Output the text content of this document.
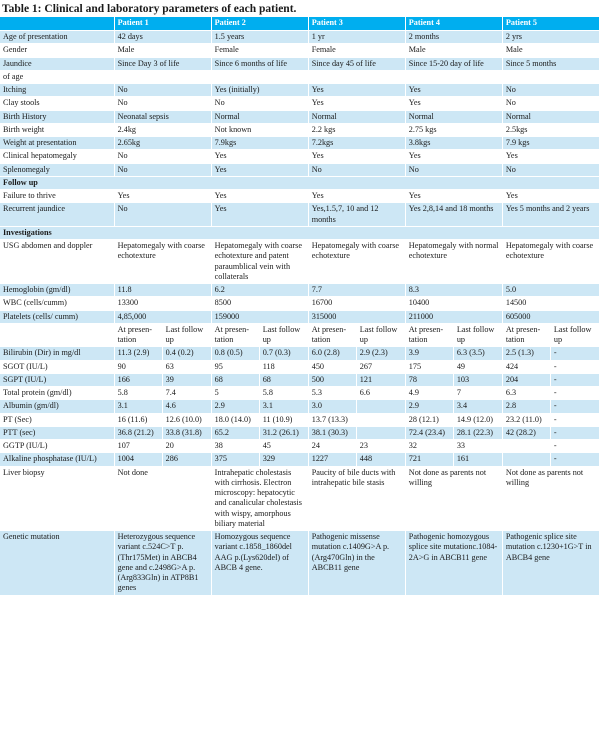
Table 1: Clinical and laboratory parameters of each patient.
	Patient 1		Patient 2		Patient 3		Patient 4		Patient 5	
Age of presentation	42 days		1.5 years		1 yr		2 months		2 yrs	
Gender	Male		Female		Female		Male		Male	
Jaundice	Since Day 3 of life		Since 6 months of life		Since day 45 of life		Since 15-20 day of life		Since 5 months	
of age										
Itching	No		Yes (initially)		Yes		Yes		No	
Clay stools	No		No		Yes		Yes		No	
Birth History	Neonatal sepsis		Normal		Normal		Normal		Normal	
Birth weight	2.4kg		Not known		2.2 kgs		2.75 kgs		2.5kgs	
Weight at presentation	2.65kg		7.9kgs		7.2kgs		3.8kgs		7.9 kgs	
Clinical hepatomegaly	No		Yes		Yes		Yes		Yes	
Splenomegaly	No		Yes		No		No		No	
Follow up										
Failure to thrive	Yes		Yes		Yes		Yes		Yes	
Recurrent jaundice	No		Yes		Yes,1.5,7, 10 and 12 months		Yes 2,8,14 and 18 months		Yes 5 months and 2 years	
Investigations										
USG abdomen and doppler	Hepatomegaly with coarse echotexture		Hepatomegaly with coarse echotexture and patent paraumblical vein with collaterals		Hepatomegaly with coarse echotexture		Hepatomegaly with normal echotexture		Hepatomegaly with coarse echotexture	
Hemoglobin (gm/dl)	11.8		6.2		7.7		8.3		5.0	
WBC (cells/cumm)	13300		8500		16700		10400		14500	
Platelets (cells/ cumm)	4,85,000		159000		315000		211000		605000	
	At presen-tation	Last follow up	At presen-tation	Last follow up	At presen-tation	Last follow up	At presen-tation	Last follow up	At presen-tation	Last follow up
Bilirubin (Dir) in mg/dl	11.3 (2.9)	0.4 (0.2)	0.8 (0.5)	0.7 (0.3)	6.0 (2.8)	2.9 (2.3)	3.9	6.3 (3.5)	2.5 (1.3)	-
SGOT (IU/L)	90	63	95	118	450	267	175	49	424	-
SGPT (IU/L)	166	39	68	68	500	121	78	103	204	-
Total protein (gm/dl)	5.8	7.4	5	5.8	5.3	6.6	4.9	7	6.3	-
Albumin (gm/dl)	3.1	4.6	2.9	3.1	3.0		2.9	3.4	2.8	-
PT (Sec)	16 (11.6)	12.6 (10.0)	18.0 (14.0)	11 (10.9)	13.7 (13.3)		28 (12.1)	14.9 (12.0)	23.2 (11.0)	-
PTT (sec)	36.8 (21.2)	33.8 (31.8)	65.2	31.2 (26.1)	38.1 (30.3)		72.4 (23.4)	28.1 (22.3)	42 (28.2)	-
GGTP (IU/L)	107	20	38	45	24	23	32	33		-
Alkaline phosphatase (IU/L)	1004	286	375	329	1227	448	721	161		-
Liver biopsy	Not done		Intrahepatic cholestasis with cirrhosis. Electron microscopy: hepatocytic and canalicular cholestasis with wispy, amorphous biliary material		Paucity of bile ducts with intrahepatic bile stasis		Not done as parents not willing		Not done as parents not willing	
Genetic mutation	Heterozygous sequence variant c.524C>T p.(Thr175Met) in ABCB4 gene and c.2498G>A p.(Arg833Gln) in ATP8B1 genes		Homozygous sequence variant c.1858_1860del AAG p.(Lys620del) of ABCB 4 gene.		Pathogenic missense mutation c.1409G>A p.(Arg470Gln) in the ABCB11 gene		Pathogenic homozygous splice site mutationc.1084-2A>G in ABCB11 gene		Pathogenic splice site mutation c.1230+1G>T in ABCB4 gene	
